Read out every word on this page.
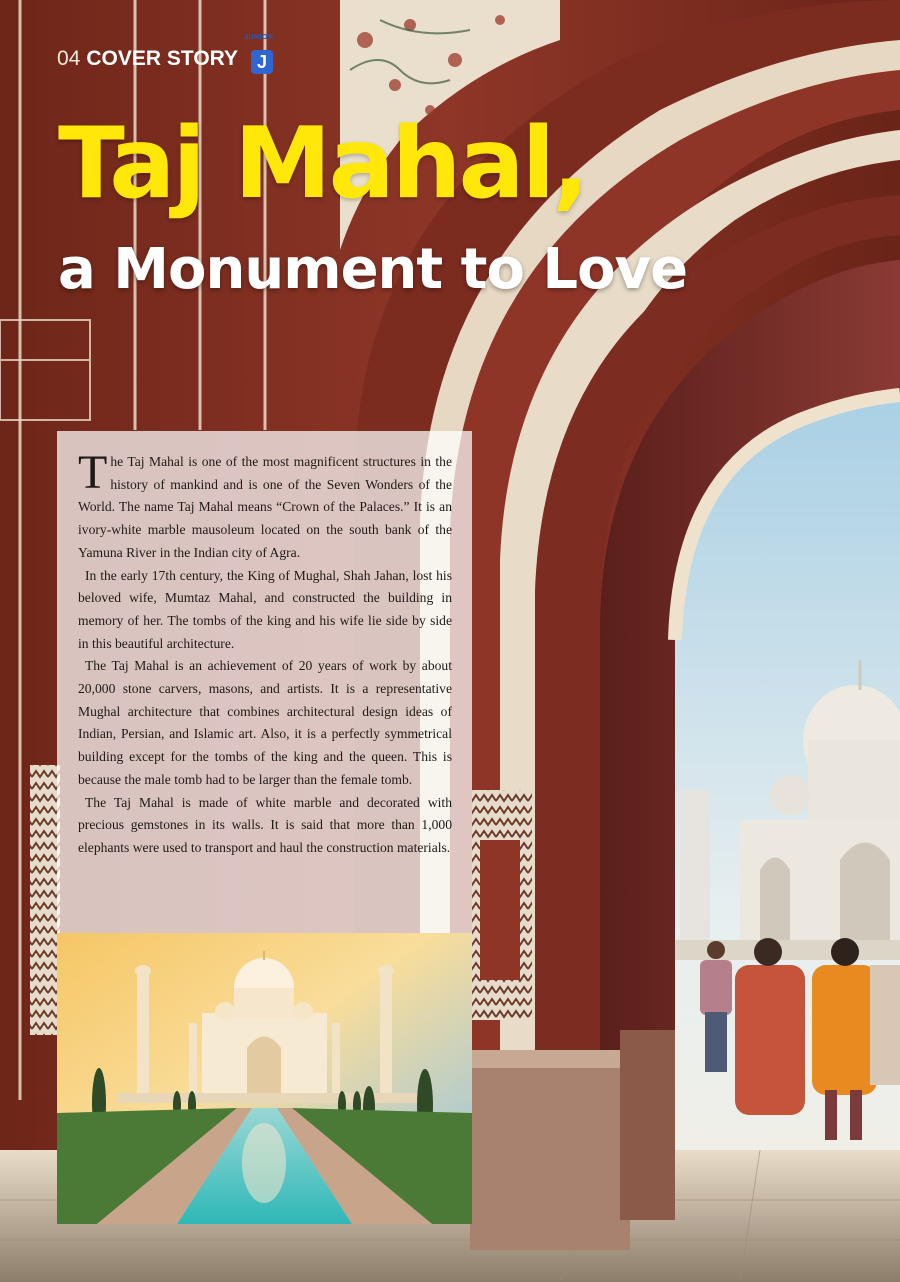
04 COVER STORY
JUNIOR
J
Taj Mahal,
a Monument to Love

The Taj Mahal is one of the most magnificent structures in the history of mankind and is one of the Seven Wonders of the World. The name Taj Mahal means “Crown of the Palaces.” It is an ivory-white marble mausoleum located on the south bank of the Yamuna River in the Indian city of Agra.

In the early 17th century, the King of Mughal, Shah Jahan, lost his beloved wife, Mumtaz Mahal, and constructed the building in memory of her. The tombs of the king and his wife lie side by side in this beautiful architecture.

The Taj Mahal is an achievement of 20 years of work by about 20,000 stone carvers, masons, and artists. It is a representative Mughal architecture that combines architectural design ideas of Indian, Persian, and Islamic art. Also, it is a perfectly symmetrical building except for the tombs of the king and the queen. This is because the male tomb had to be larger than the female tomb.

The Taj Mahal is made of white marble and decorated with precious gemstones in its walls. It is said that more than 1,000 elephants were used to transport and haul the construction materials.
